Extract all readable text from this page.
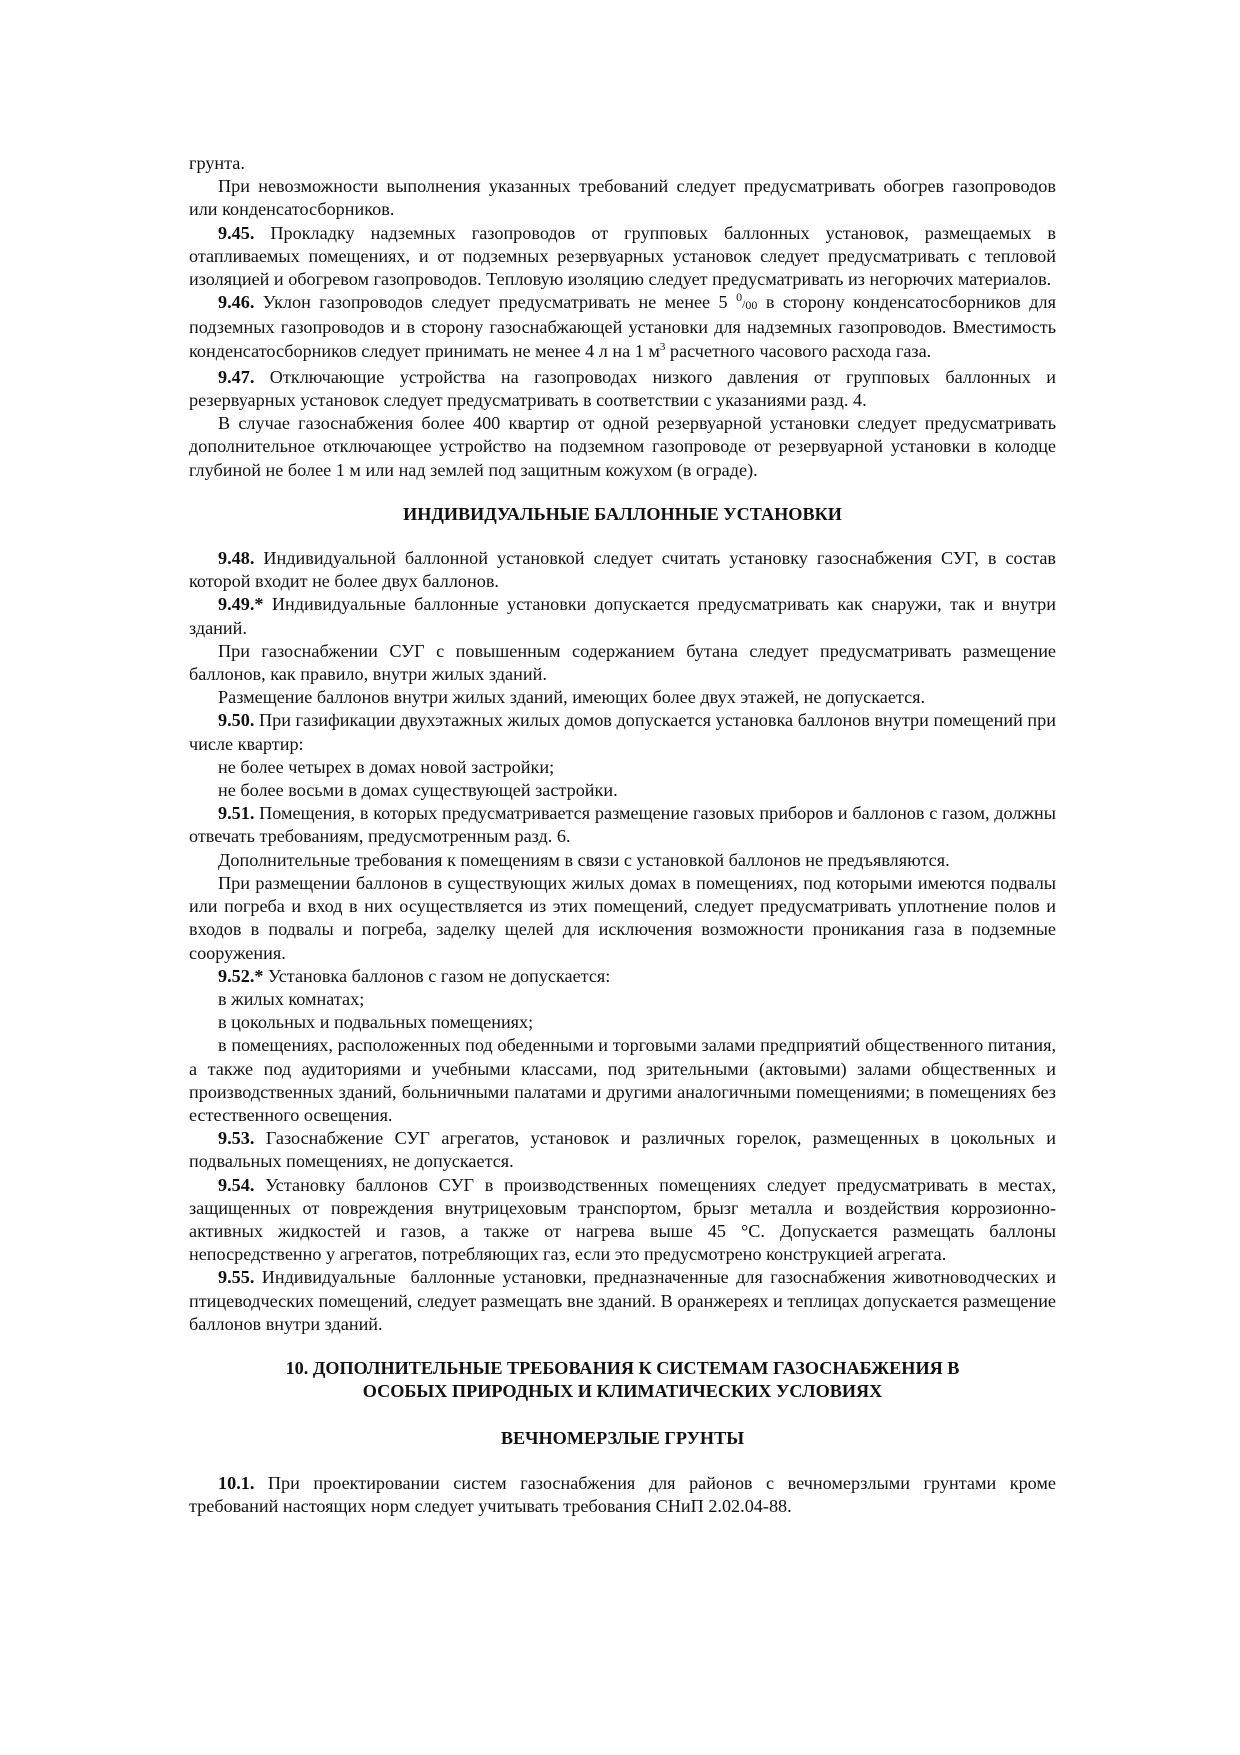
грунта.

При невозможности выполнения указанных требований следует предусматривать обогрев газопроводов или конденсатосборников.

9.45. Прокладку надземных газопроводов от групповых баллонных установок, размещаемых в отапливаемых помещениях, и от подземных резервуарных установок следует предусматривать с тепловой изоляцией и обогревом газопроводов. Тепловую изоляцию следует предусматривать из негорючих материалов.

9.46. Уклон газопроводов следует предусматривать не менее 5 0/00 в сторону конденсатосборников для подземных газопроводов и в сторону газоснабжающей установки для надземных газопроводов. Вместимость конденсатосборников следует принимать не менее 4 л на 1 $м^3$ расчетного часового расхода газа.

9.47. Отключающие устройства на газопроводах низкого давления от групповых баллонных и резервуарных установок следует предусматривать в соответствии с указаниями разд. 4.

В случае газоснабжения более 400 квартир от одной резервуарной установки следует предусматривать дополнительное отключающее устройство на подземном газопроводе от резервуарной установки в колодце глубиной не более 1 м или над землей под защитным кожухом (в ограде).

ИНДИВИДУАЛЬНЫЕ БАЛЛОННЫЕ УСТАНОВКИ

9.48. Индивидуальной баллонной установкой следует считать установку газоснабжения СУГ, в состав которой входит не более двух баллонов.

9.49.* Индивидуальные баллонные установки допускается предусматривать как снаружи, так и внутри зданий.

При газоснабжении СУГ с повышенным содержанием бутана следует предусматривать размещение баллонов, как правило, внутри жилых зданий.

Размещение баллонов внутри жилых зданий, имеющих более двух этажей, не допускается.

9.50. При газификации двухэтажных жилых домов допускается установка баллонов внутри помещений при числе квартир:

не более четырех в домах новой застройки;

не более восьми в домах существующей застройки.

9.51. Помещения, в которых предусматривается размещение газовых приборов и баллонов с газом, должны отвечать требованиям, предусмотренным разд. 6.

Дополнительные требования к помещениям в связи с установкой баллонов не предъявляются.

При размещении баллонов в существующих жилых домах в помещениях, под которыми имеются подвалы или погреба и вход в них осуществляется из этих помещений, следует предусматривать уплотнение полов и входов в подвалы и погреба, заделку щелей для исключения возможности проникания газа в подземные сооружения.

9.52.* Установка баллонов с газом не допускается:

в жилых комнатах;

в цокольных и подвальных помещениях;

в помещениях, расположенных под обеденными и торговыми залами предприятий общественного питания, а также под аудиториями и учебными классами, под зрительными (актовыми) залами общественных и производственных зданий, больничными палатами и другими аналогичными помещениями; в помещениях без естественного освещения.

9.53. Газоснабжение СУГ агрегатов, установок и различных горелок, размещенных в цокольных и подвальных помещениях, не допускается.

9.54. Установку баллонов СУГ в производственных помещениях следует предусматривать в местах, защищенных от повреждения внутрицеховым транспортом, брызг металла и воздействия коррозионно-активных жидкостей и газов, а также от нагрева выше 45 °С. Допускается размещать баллоны непосредственно у агрегатов, потребляющих газ, если это предусмотрено конструкцией агрегата.

9.55. Индивидуальные  баллонные установки, предназначенные для газоснабжения животноводческих и птицеводческих помещений, следует размещать вне зданий. В оранжереях и теплицах допускается размещение баллонов внутри зданий.

10. ДОПОЛНИТЕЛЬНЫЕ ТРЕБОВАНИЯ К СИСТЕМАМ ГАЗОСНАБЖЕНИЯ В
ОСОБЫХ ПРИРОДНЫХ И КЛИМАТИЧЕСКИХ УСЛОВИЯХ
ВЕЧНОМЕРЗЛЫЕ ГРУНТЫ

10.1. При проектировании систем газоснабжения для районов с вечномерзлыми грунтами кроме требований настоящих норм следует учитывать требования СНиП 2.02.04-88.
